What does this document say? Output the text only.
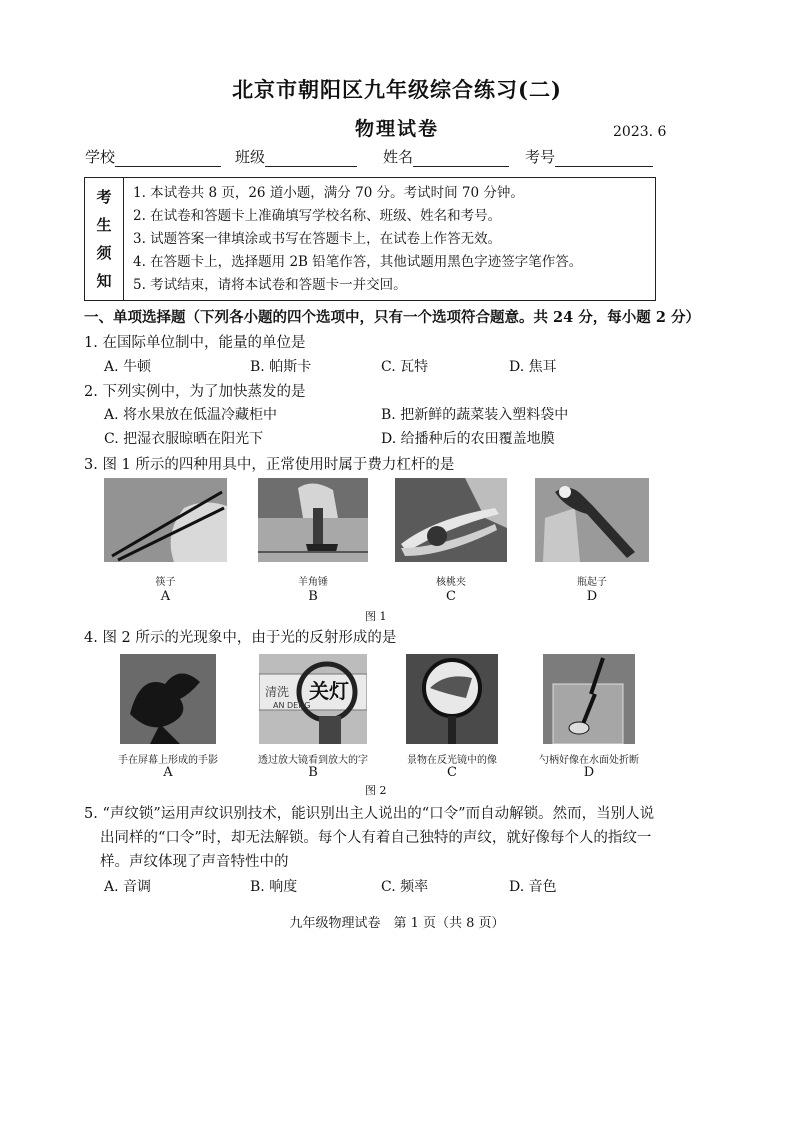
北京市朝阳区九年级综合练习(二)
物理试卷	2023. 6
学校	班级	姓名	考号
考
生
须
知
1. 本试卷共 8 页，26 道小题，满分 70 分。考试时间 70 分钟。
2. 在试卷和答题卡上准确填写学校名称、班级、姓名和考号。
3. 试题答案一律填涂或书写在答题卡上，在试卷上作答无效。
4. 在答题卡上，选择题用 2B 铅笔作答，其他试题用黑色字迹签字笔作答。
5. 考试结束，请将本试卷和答题卡一并交回。
一、单项选择题（下列各小题的四个选项中，只有一个选项符合题意。共 24 分，每小题 2 分）
1. 在国际单位制中，能量的单位是
A. 牛顿	B. 帕斯卡	C. 瓦特	D. 焦耳
2. 下列实例中，为了加快蒸发的是
A. 将水果放在低温冷藏柜中	B. 把新鲜的蔬菜装入塑料袋中
C. 把湿衣服晾晒在阳光下	D. 给播种后的农田覆盖地膜
3. 图 1 所示的四种用具中，正常使用时属于费力杠杆的是
筷子	羊角锤	核桃夹	瓶起子
A	B	C	D
图 1
4. 图 2 所示的光现象中，由于光的反射形成的是
清洗 关灯
AN DENG
手在屏幕上形成的手影	透过放大镜看到放大的字	景物在反光镜中的像	勺柄好像在水面处折断
A	B	C	D
图 2
5. “声纹锁”运用声纹识别技术，能识别出主人说出的“口令”而自动解锁。然而，当别人说
出同样的“口令”时，却无法解锁。每个人有着自己独特的声纹，就好像每个人的指纹一
样。声纹体现了声音特性中的
A. 音调	B. 响度	C. 频率	D. 音色
九年级物理试卷　第 1 页（共 8 页）
